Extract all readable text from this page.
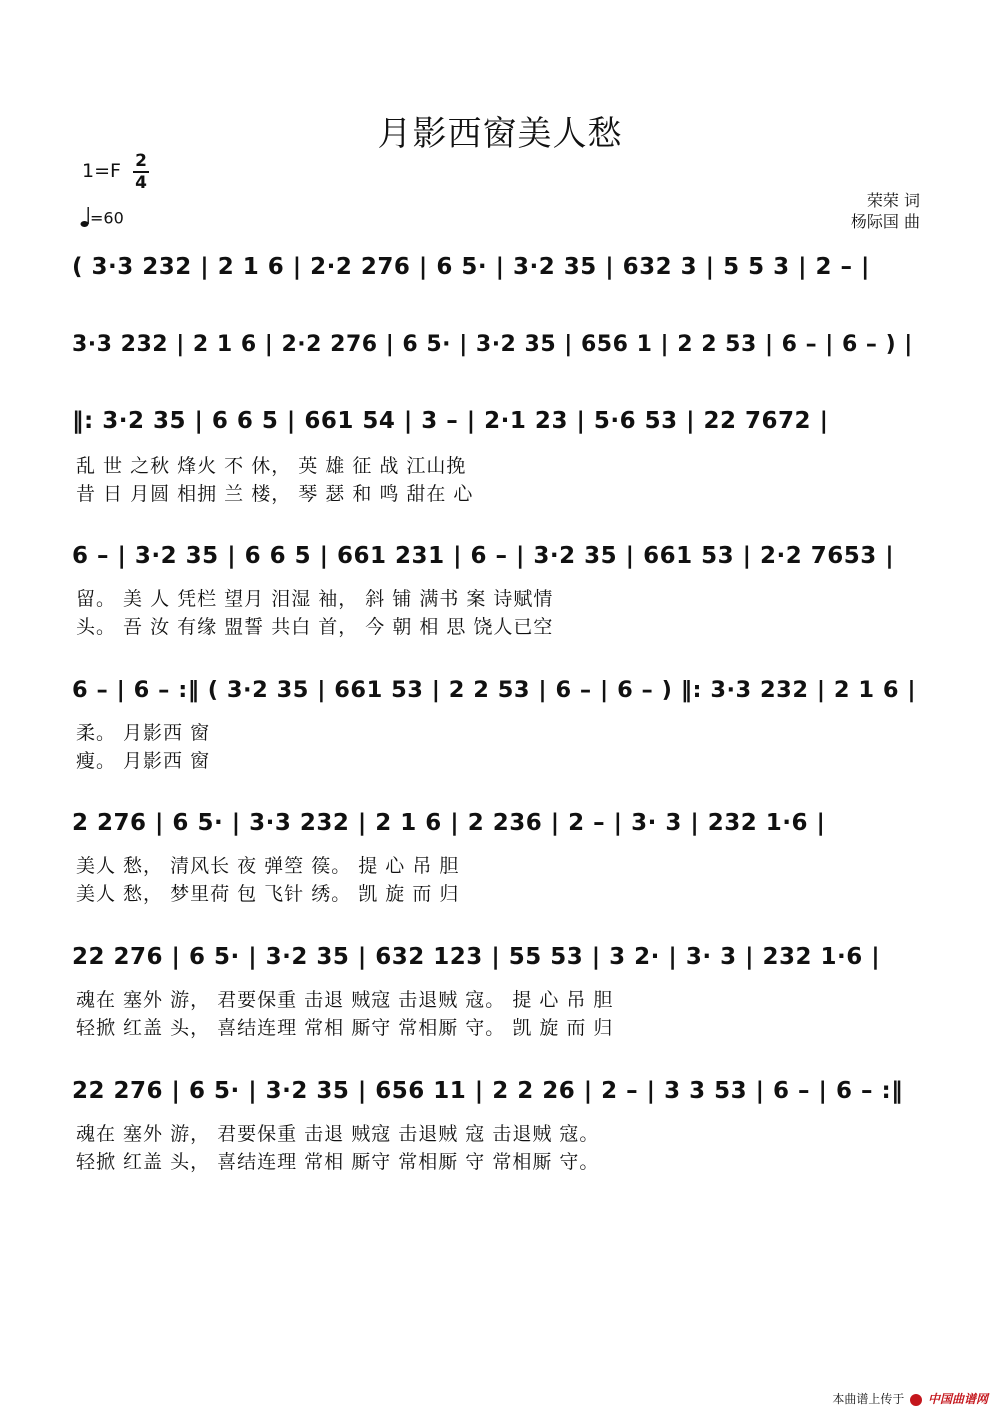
月影西窗美人愁
1=F 2
4
=60
荣荣 词
杨际国 曲
( 3·3 232 | 2 1 6 | 2·2 276 | 6 5· | 3·2 35 | 632 3 | 5 5 3 | 2 – |
3·3 232 | 2 1 6 | 2·2 276 | 6 5· | 3·2 35 | 656 1 | 2 2 53 | 6 – | 6 – ) |
‖: 3·2 35 | 6 6 5 | 661 54 | 3 – | 2·1 23 | 5·6 53 | 22 7672 |
乱 世 之秋 烽火 不 休， 英 雄 征 战 江山挽
昔 日 月圆 相拥 兰 楼， 琴 瑟 和 鸣 甜在 心
6 – | 3·2 35 | 6 6 5 | 661 231 | 6 – | 3·2 35 | 661 53 | 2·2 7653 |
留。 美 人 凭栏 望月 泪湿 袖， 斜 铺 满书 案 诗赋情
头。 吾 汝 有缘 盟誓 共白 首， 今 朝 相 思 饶人已空
6 – | 6 – :‖ ( 3·2 35 | 661 53 | 2 2 53 | 6 – | 6 – ) ‖: 3·3 232 | 2 1 6 |
柔。 月影西 窗
瘦。 月影西 窗
2 276 | 6 5· | 3·3 232 | 2 1 6 | 2 236 | 2 – | 3· 3 | 232 1·6 |
美人 愁， 清风长 夜 弹箜 篌。 提 心 吊 胆
美人 愁， 梦里荷 包 飞针 绣。 凯 旋 而 归
22 276 | 6 5· | 3·2 35 | 632 123 | 55 53 | 3 2· | 3· 3 | 232 1·6 |
魂在 塞外 游， 君要保重 击退 贼寇 击退贼 寇。 提 心 吊 胆
轻掀 红盖 头， 喜结连理 常相 厮守 常相厮 守。 凯 旋 而 归
22 276 | 6 5· | 3·2 35 | 656 11 | 2 2 26 | 2 – | 3 3 53 | 6 – | 6 – :‖
魂在 塞外 游， 君要保重 击退 贼寇 击退贼 寇 击退贼 寇。
轻掀 红盖 头， 喜结连理 常相 厮守 常相厮 守 常相厮 守。
本曲谱上传于 中国曲谱网
